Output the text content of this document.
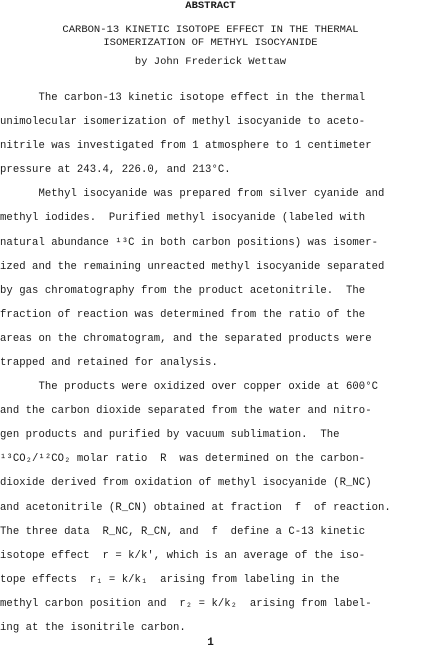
ABSTRACT
CARBON-13 KINETIC ISOTOPE EFFECT IN THE THERMAL
ISOMERIZATION OF METHYL ISOCYANIDE
by John Frederick Wettaw
The carbon-13 kinetic isotope effect in the thermal
unimolecular isomerization of methyl isocyanide to aceto-
nitrile was investigated from 1 atmosphere to 1 centimeter
pressure at 243.4, 226.0, and 213°C.
Methyl isocyanide was prepared from silver cyanide and
methyl iodides.  Purified methyl isocyanide (labeled with
natural abundance ¹³C in both carbon positions) was isomer-
ized and the remaining unreacted methyl isocyanide separated
by gas chromatography from the product acetonitrile.  The
fraction of reaction was determined from the ratio of the
areas on the chromatogram, and the separated products were
trapped and retained for analysis.
The products were oxidized over copper oxide at 600°C
and the carbon dioxide separated from the water and nitro-
gen products and purified by vacuum sublimation.  The
¹³CO₂/¹²CO₂ molar ratio  R  was determined on the carbon-
dioxide derived from oxidation of methyl isocyanide (R_NC)
and acetonitrile (R_CN) obtained at fraction  f  of reaction.
The three data  R_NC, R_CN, and  f  define a C-13 kinetic
isotope effect  r = k/k', which is an average of the iso-
tope effects  r₁ = k/k₁  arising from labeling in the
methyl carbon position and  r₂ = k/k₂  arising from label-
ing at the isonitrile carbon.
1
